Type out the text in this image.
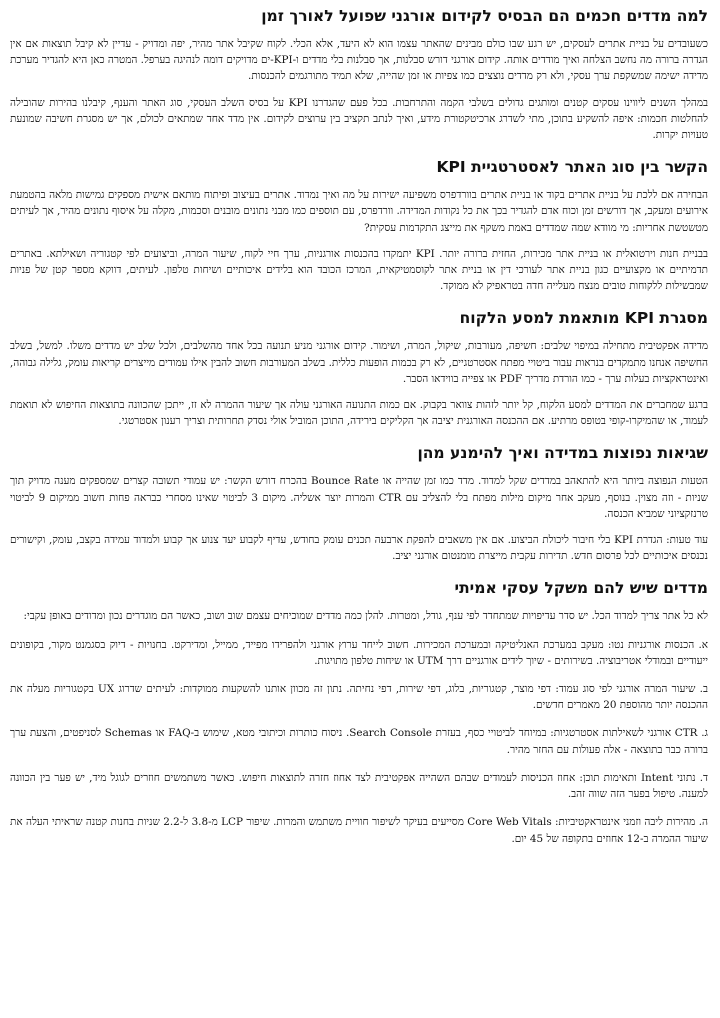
למה מדדים חכמים הם הבסיס לקידום אורגני שפועל לאורך זמן

כשעובדים על בניית אתרים לעסקים, יש רגע שבו כולם מבינים שהאתר עצמו הוא לא היעד, אלא הכלי. לקוח שקיבל אתר מהיר, יפה ומדויק - עדיין לא קיבל תוצאות אם אין הגדרה ברורה מה נחשב הצלחה ואיך מודדים אותה. קידום אורגני דורש סבלנות, אך סבלנות בלי מדדים ו-KPI-ים מדויקים דומה לנהיגה בערפל. המטרה כאן היא להגדיר מערכת מדידה ישימה שמשקפת ערך עסקי, ולא רק מדדים נוצצים כמו צפיות או זמן שהייה, שלא תמיד מתורגמים להכנסות.

במהלך השנים ליווינו עסקים קטנים ומותגים גדולים בשלבי הקמה והתרחבות. בכל פעם שהגדרנו KPI על בסיס השלב העסקי, סוג האתר והענף, קיבלנו בהירות שהובילה להחלטות חכמות: איפה להשקיע בתוכן, מתי לשדרג ארכיטקטורת מידע, ואיך לנתב תקציב בין ערוצים לקידום. אין מדד אחד שמתאים לכולם, אך יש מסגרת חשיבה שמונעת טעויות יקרות.

הקשר בין סוג האתר לאסטרטגיית KPI

הבחירה אם ללכת על בניית אתרים בקוד או בניית אתרים בוורדפרס משפיעה ישירות על מה ואיך נמדוד. אתרים בעיצוב ופיתוח מותאם אישית מספקים גמישות מלאה בהטמעת אירועים ומעקב, אך דורשים זמן וכוח אדם להגדיר בכך את כל נקודות המדידה. וורדפרס, עם תוספים כמו מבני נתונים מובנים וסכמות, מקלה על איסוף נתונים מהיר, אך לעיתים מטשטשת אחריות: מי מוודא שמה שמדדים באמת משקף את מייצג התקדמות עסקית?

בבניית חנות וירטואלית או בניית אתר מכירות, החזית ברורה יותר. KPI יתמקדו בהכנסות אורגניות, ערך חיי לקוח, שיעור המרה, וביצועים לפי קטגוריה ושאילתא. באתרים תדמיתיים או מקצועיים כגון בניית אתר לעורכי דין או בניית אתר לקוסמטיקאית, המרכז הכובד הוא בלידים איכותיים ושיחות טלפון. לעיתים, דווקא מספר קטן של פניות שמבשילות ללקוחות טובים מנצח מעלייה חדה בטראפיק לא ממוקד.

מסגרת KPI מותאמת למסע הלקוח

מדידה אפקטיבית מתחילה במיפוי שלבים: חשיפה, מעורבות, שיקול, המרה, ושימור. קידום אורגני מניע תנועה בכל אחד מהשלבים, ולכל שלב יש מדדים משלו. למשל, בשלב החשיפה אנחנו מתמקדים בנראות עבור ביטויי מפתח אסטרטגיים, לא רק בכמות הופעות כללית. בשלב המעורבות חשוב להבין אילו עמודים מייצרים קריאות עומק, גלילה גבוהה, ואינטראקציות בעלות ערך - כמו הורדת מדריך PDF או צפייה בווידאו הסבר.

ברגע שמחברים את המדדים למסע הלקוח, קל יותר לזהות צוואר בקבוק. אם כמות התנועה האורגני עולה אך שיעור ההמרה לא זז, ייתכן שהכוונה בתוצאות החיפוש לא תואמת לעמוד, או שהמיקרו-קופי בטופס מרתיע. אם ההכנסה האורגנית יציבה אך הקליקים בירידה, התוכן המוביל אולי נסדק תחרותית וצריך רענון אסטרטגי.

שגיאות נפוצות במדידה ואיך להימנע מהן

הטעות הנפוצה ביותר היא להתאהב במדדים שקל למדוד. מדד כמו זמן שהייה או Bounce Rate בהכרח דורש הקשר: יש עמודי תשובה קצרים שמספקים מענה מדויק תוך שניות - וזה מצוין. בנוסף, מעקב אחר מיקום מילות מפתח בלי להצליב עם CTR והמרות יוצר אשליה. מיקום 3 לביטוי שאינו מסחרי כבראה פחות חשוב ממיקום 9 לביטוי טרנזקציוני שמביא הכנסה.

עוד טעות: הגדרת KPI בלי חיבור ליכולת הביצוע. אם אין משאבים להפקת ארבעה תכנים עומק בחודש, עדיף לקבוע יעד צנוע אך קבוע ולמדוד עמידה בקצב, עומק, וקישורים נכנסים איכותיים לכל פרסום חדש. תדירות עקבית מייצרת מומנטום אורגני יציב.

מדדים שיש להם משקל עסקי אמיתי

לא כל אתר צריך למדוד הכל. יש סדר עדיפויות שמתחדד לפי ענף, גודל, ומטרות. להלן כמה מדדים שמוכיחים עצמם שוב ושוב, כאשר הם מוגדרים נכון ומדודים באופן עקבי:

א. הכנסות אורגניות נטו: מעקב במערכת האנליטיקה ובמערכת המכירות. חשוב לייחד ערוץ אורגני ולהפרידו מפייד, ממייל, ומדירקט. בחנויות - דיוק בסגמנט מקור, בקופונים ייעודיים ובמודלי אטריבוציה. בשירותים - שיוך לידים אורגניים דרך UTM או שיחות טלפון מתויגות.

ב. שיעור המרה אורגני לפי סוג עמוד: דפי מוצר, קטגוריות, בלוג, דפי שירות, דפי נחיתה. נתון זה מכוון אותנו להשקעות ממוקדות: לעיתים שדרוג UX בקטגוריות מעלה את ההכנסה יותר מהוספת 20 מאמרים חדשים.

ג. CTR אורגני לשאילתות אסטרטגיות: במיוחד לביטויי כסף, בעזרת Search Console. ניסוח כותרות וכיתובי מטא, שימוש ב-FAQ או Schemas לסניפטים, והצעת ערך ברורה כבר בתוצאה - אלה פעולות עם החזר מהיר.

ד. נתוני Intent ותאימות תוכן: אחוז הכניסות לעמודים שבהם השהייה אפקטיבית לצד אחוז חזרה לתוצאות חיפוש. כאשר משתמשים חוזרים לגוגל מיד, יש פער בין הכוונה למענה. טיפול בפער הזה שווה זהב.

ה. מהירות ליבה וזמני אינטראקטיביות: Core Web Vitals מסייעים בעיקר לשיפור חוויית משתמש והמרות. שיפור LCP מ-3.8 ל-2.2 שניות בחנות קטנה שראיתי העלה את שיעור ההמרה ב-12 אחוזים בתקופה של 45 יום.
